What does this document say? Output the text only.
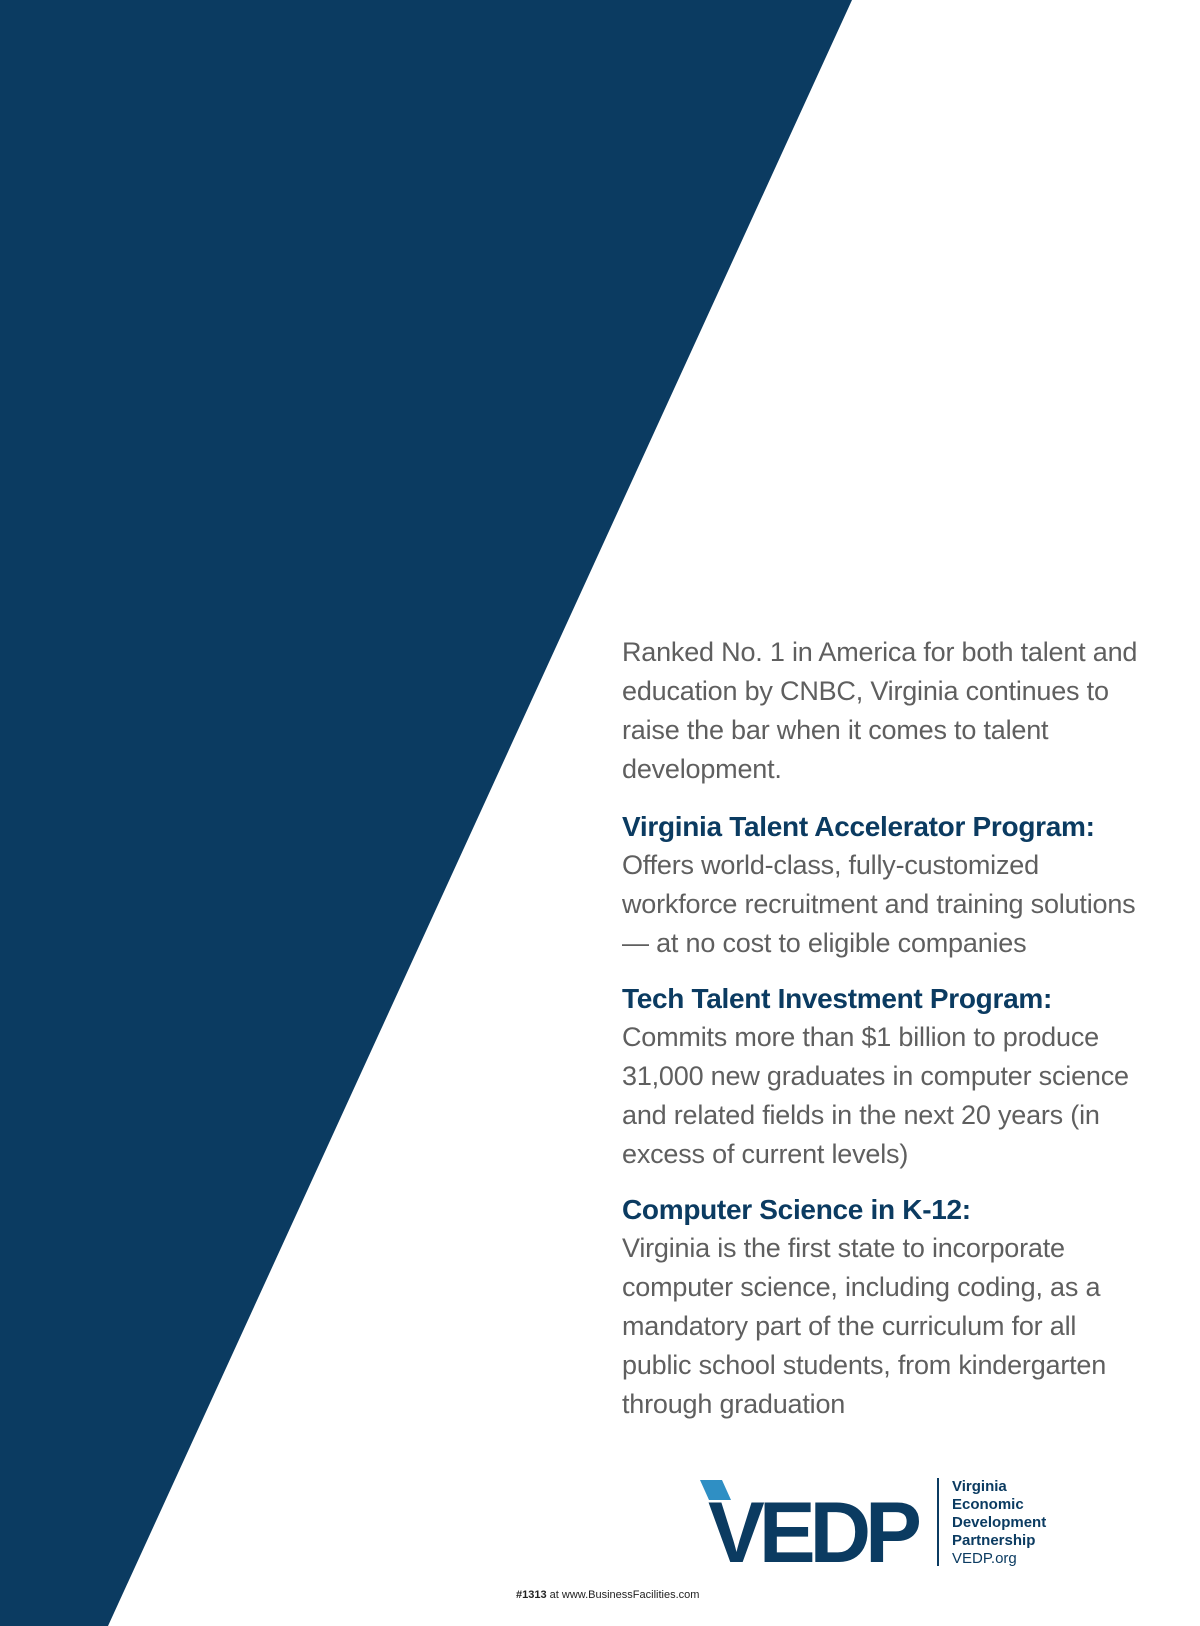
Ranked No. 1 in America for both talent and education by CNBC, Virginia continues to raise the bar when it comes to talent development.

Virginia Talent Accelerator Program:

Offers world-class, fully-customized workforce recruitment and training solutions — at no cost to eligible companies

Tech Talent Investment Program:

Commits more than $1 billion to produce 31,000 new graduates in computer science and related fields in the next 20 years (in excess of current levels)

Computer Science in K-12:

Virginia is the first state to incorporate computer science, including coding, as a mandatory part of the curriculum for all public school students, from kindergarten through graduation

VEDP Virginia
Economic
Development
Partnership
VEDP.org
#1313 at www.BusinessFacilities.com
